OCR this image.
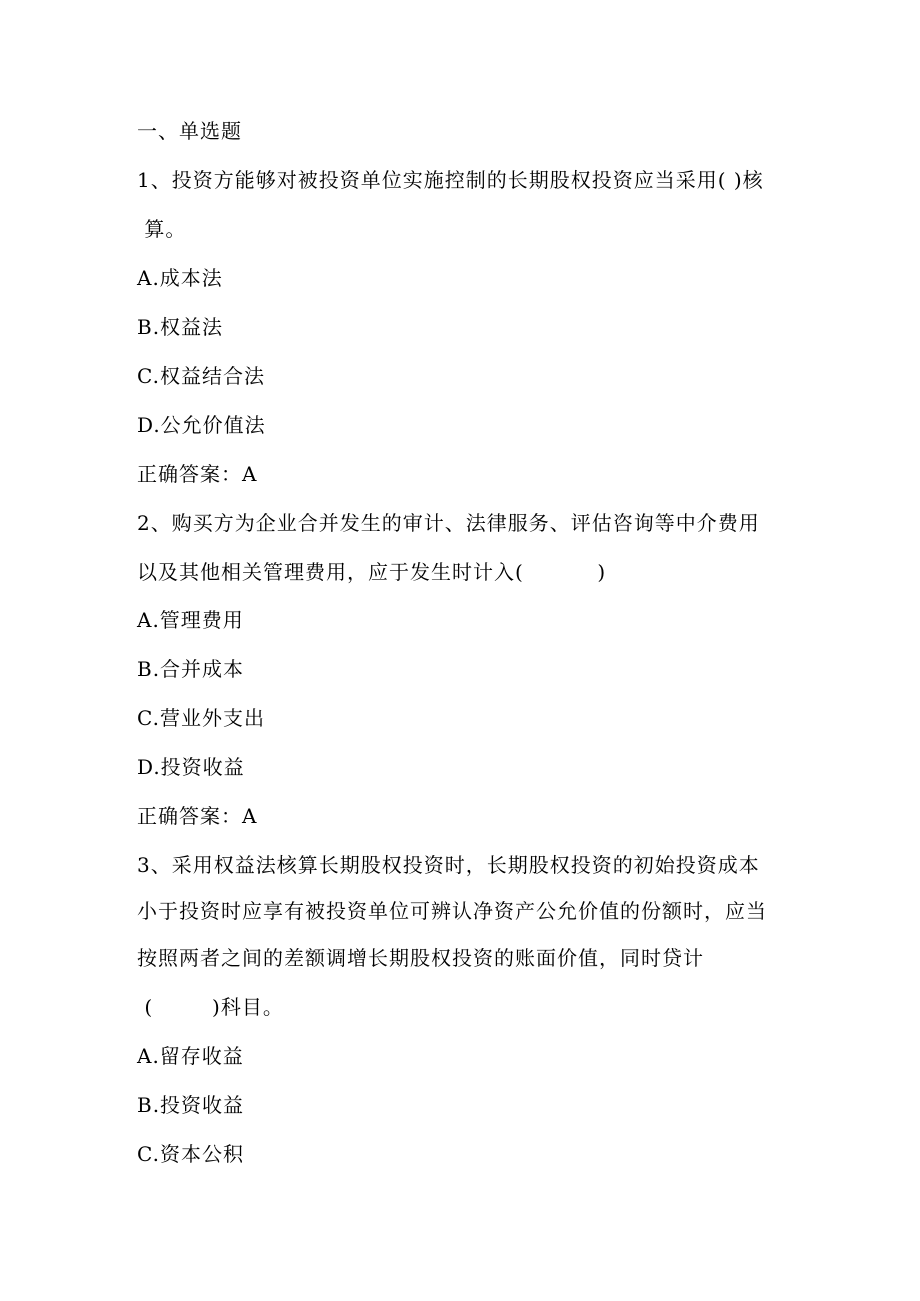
一、单选题
1、投资方能够对被投资单位实施控制的长期股权投资应当采用( )核
算。
A.成本法
B.权益法
C.权益结合法
D.公允价值法
正确答案：A
2、购买方为企业合并发生的审计、法律服务、评估咨询等中介费用
以及其他相关管理费用，应于发生时计入(          )
A.管理费用
B.合并成本
C.营业外支出
D.投资收益
正确答案：A
3、采用权益法核算长期股权投资时，长期股权投资的初始投资成本
小于投资时应享有被投资单位可辨认净资产公允价值的份额时，应当
按照两者之间的差额调增长期股权投资的账面价值，同时贷计
(        )科目。
A.留存收益
B.投资收益
C.资本公积
